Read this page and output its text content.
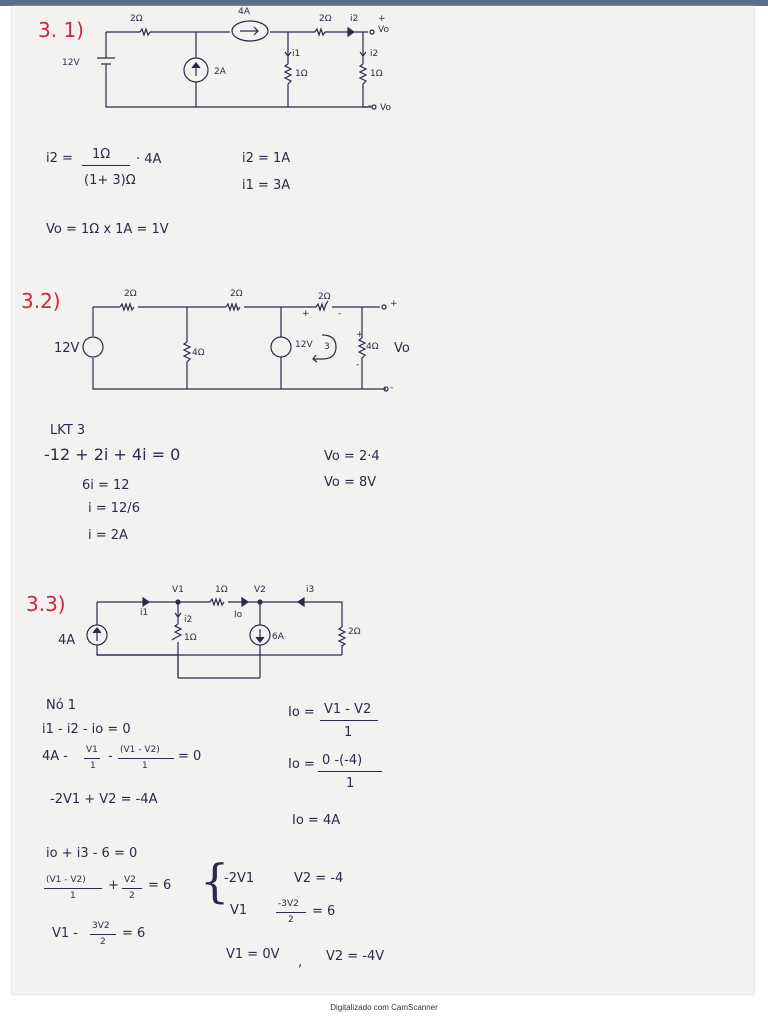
3. 1)	2Ω
4A
2Ω i2 +
Vo
12V
2A
i1
1Ω
i2
1Ω
- Vo
i2 = 1Ω
(1+ 3)Ω
· 4A	i2 = 1A
i1 = 3A
Vo = 1Ω x 1A = 1V
3.2)	2Ω	2Ω	2Ω
+	-
+
+
-
12V	4Ω
12V 3	4Ω Vo
-
LKT 3
-12 + 2i + 4i = 0
6i = 12
i = 12/6
i = 2A
Vo = 2·4
Vo = 8V
3.3)
4A
i1
V1	1Ω
i2
1Ω
Io
V2
6A
i3
2Ω
Nó 1
i1 - i2 - io = 0
4A - V1
1
- (V1 - V2)
1
= 0
-2V1 + V2 = -4A
Io = V1 - V2
1
Io = 0 -(-4)
1
Io = 4A
io + i3 - 6 = 0
(V1 - V2)
1
+ V2
2
= 6
V1 - 3V2
2
= 6
{
-2V1	V2 = -4
V1	-3V2
2
= 6
V1 = 0V
, V2 = -4V
Digitalizado com CamScanner
